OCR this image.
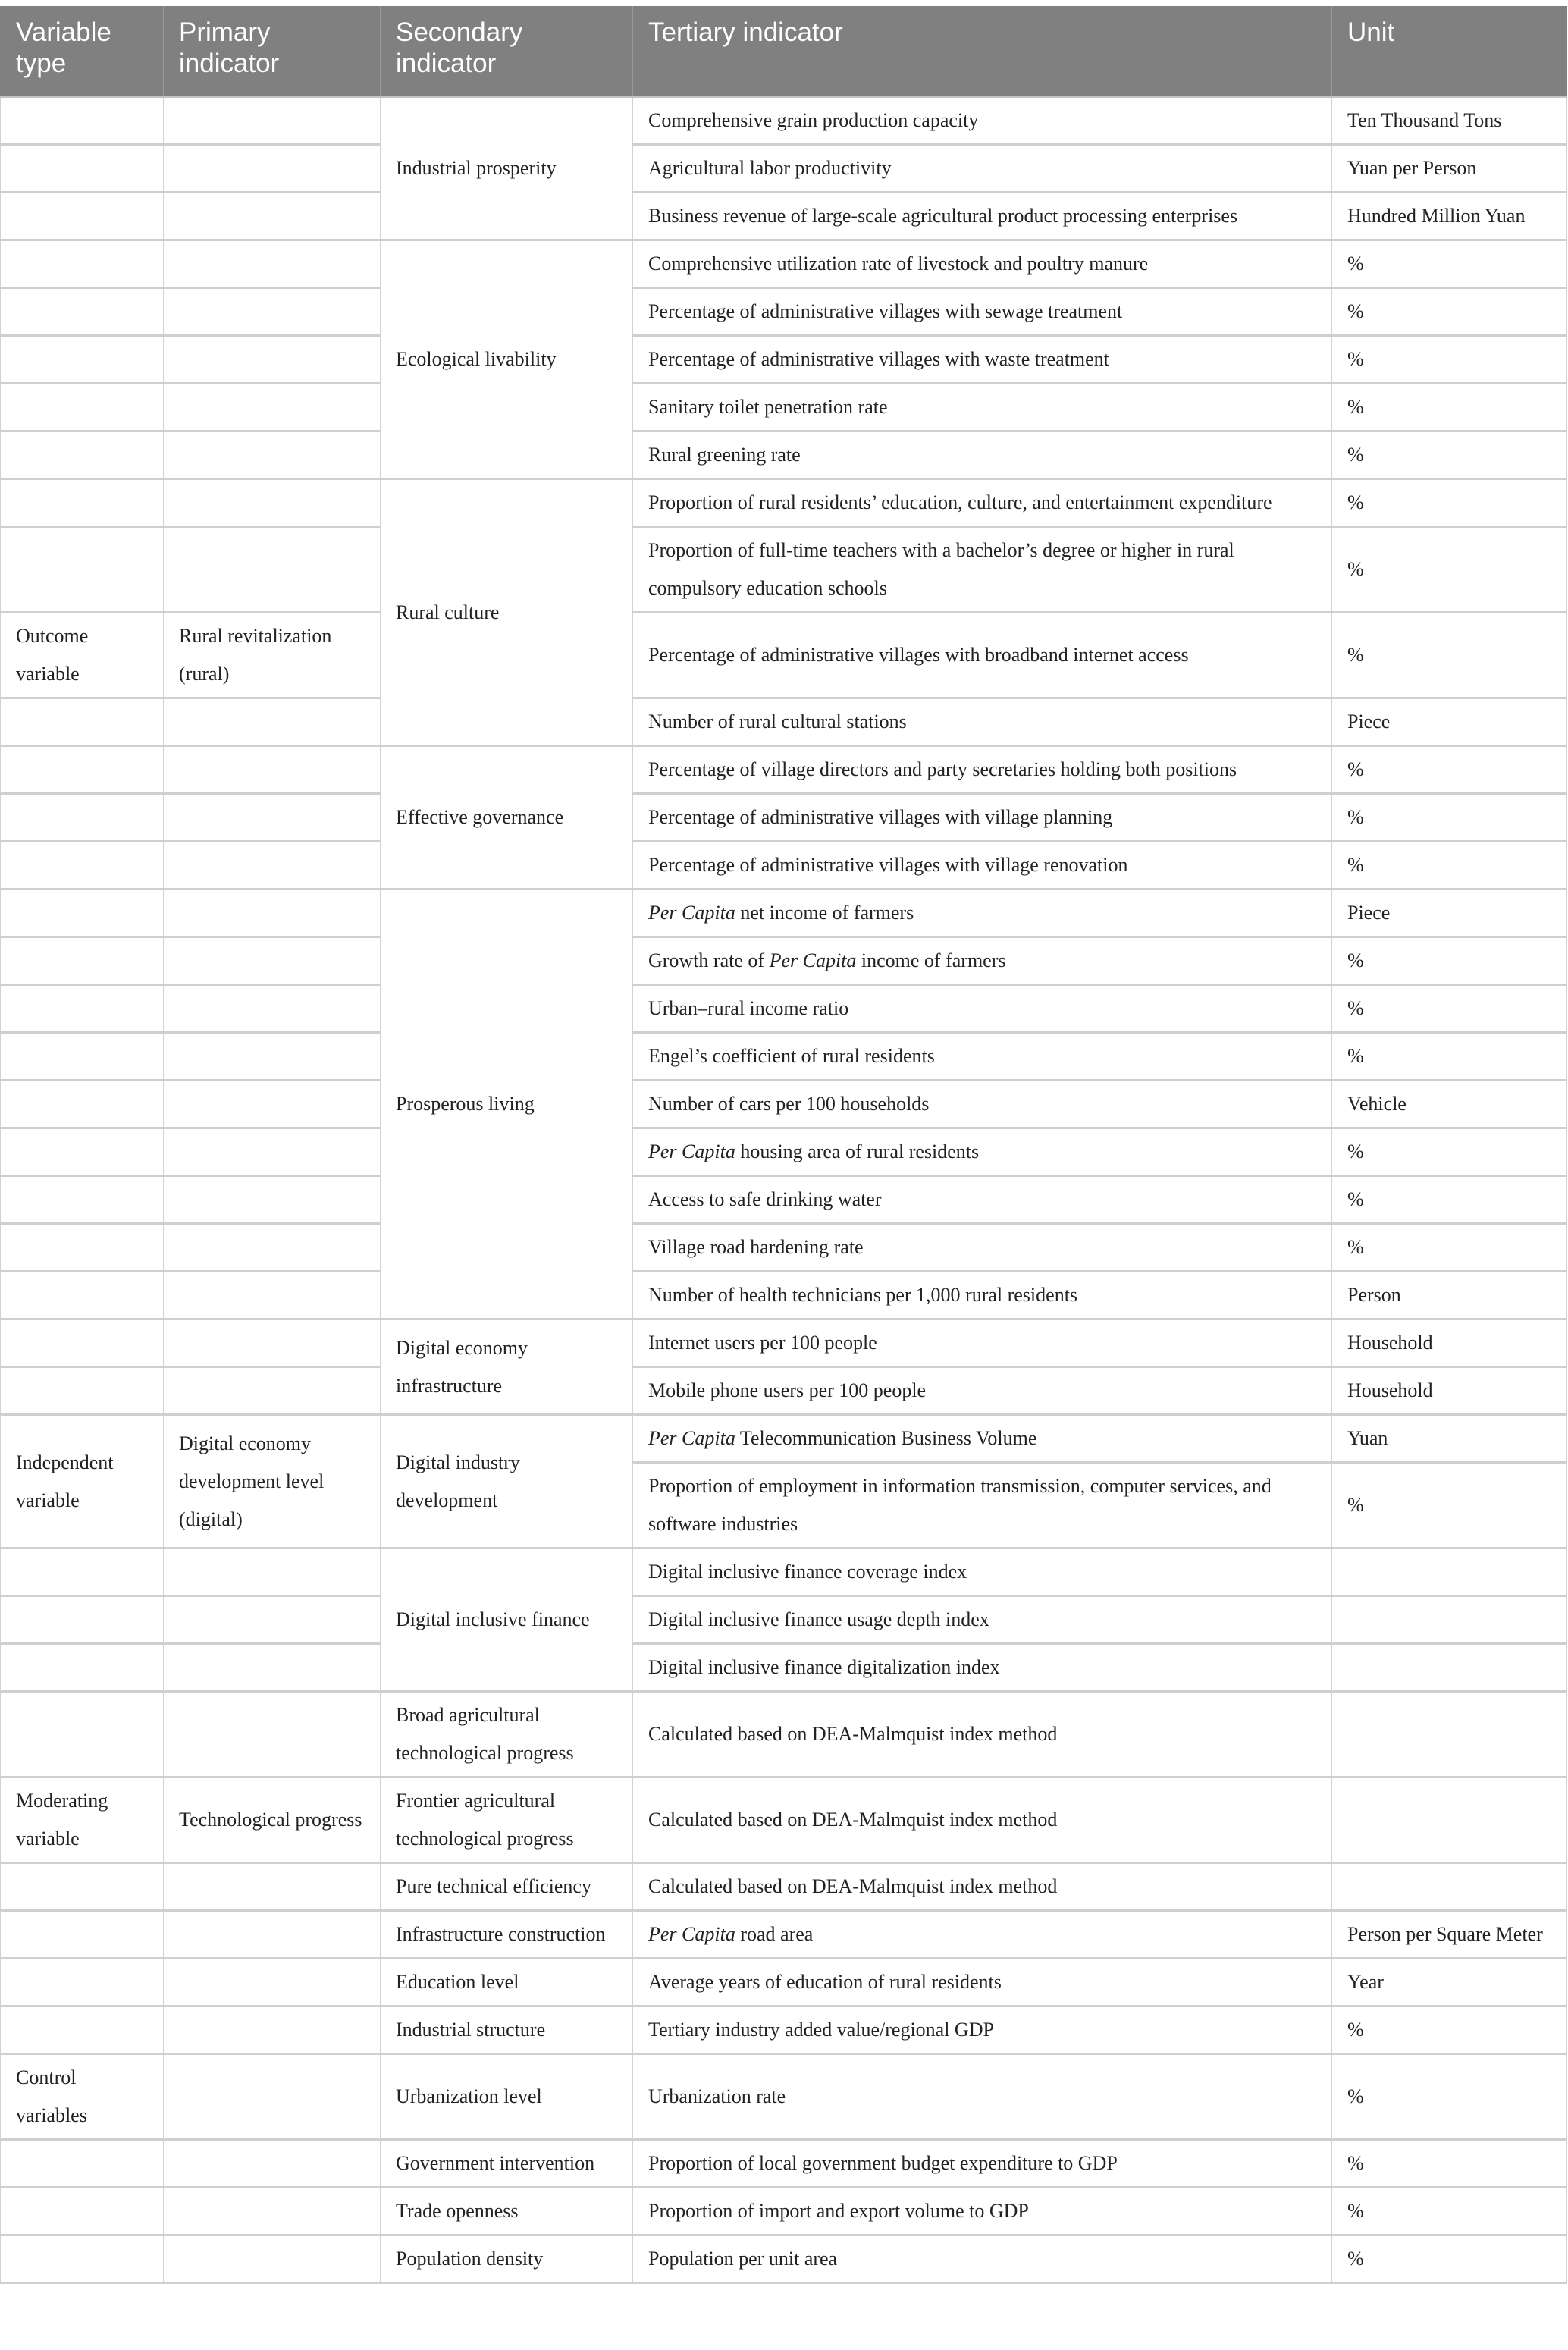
Variable type	Primary indicator	Secondary indicator	Tertiary indicator	Unit
		Industrial prosperity	Comprehensive grain production capacity	Ten Thousand Tons
			Agricultural labor productivity	Yuan per Person
			Business revenue of large-scale agricultural product processing enterprises	Hundred Million Yuan
		Ecological livability	Comprehensive utilization rate of livestock and poultry manure	%
			Percentage of administrative villages with sewage treatment	%
			Percentage of administrative villages with waste treatment	%
			Sanitary toilet penetration rate	%
			Rural greening rate	%
		Rural culture	Proportion of rural residents’ education, culture, and entertainment expenditure	%
			Proportion of full-time teachers with a bachelor’s degree or higher in rural compulsory education schools	%
Outcome variable	Rural revitalization (rural)		Percentage of administrative villages with broadband internet access	%
			Number of rural cultural stations	Piece
		Effective governance	Percentage of village directors and party secretaries holding both positions	%
			Percentage of administrative villages with village planning	%
			Percentage of administrative villages with village renovation	%
		Prosperous living	Per Capita net income of farmers	Piece
			Growth rate of Per Capita income of farmers	%
			Urban–rural income ratio	%
			Engel’s coefficient of rural residents	%
			Number of cars per 100 households	Vehicle
			Per Capita housing area of rural residents	%
			Access to safe drinking water	%
			Village road hardening rate	%
			Number of health technicians per 1,000 rural residents	Person
		Digital economy infrastructure	Internet users per 100 people	Household
			Mobile phone users per 100 people	Household
Independent variable	Digital economy development level (digital)	Digital industry development	Per Capita Telecommunication Business Volume	Yuan
			Proportion of employment in information transmission, computer services, and software industries	%
		Digital inclusive finance	Digital inclusive finance coverage index	
			Digital inclusive finance usage depth index	
			Digital inclusive finance digitalization index	
		Broad agricultural technological progress	Calculated based on DEA-Malmquist index method	
Moderating variable	Technological progress	Frontier agricultural technological progress	Calculated based on DEA-Malmquist index method	
		Pure technical efficiency	Calculated based on DEA-Malmquist index method	
		Infrastructure construction	Per Capita road area	Person per Square Meter
		Education level	Average years of education of rural residents	Year
		Industrial structure	Tertiary industry added value/regional GDP	%
Control variables		Urbanization level	Urbanization rate	%
		Government intervention	Proportion of local government budget expenditure to GDP	%
		Trade openness	Proportion of import and export volume to GDP	%
		Population density	Population per unit area	%
